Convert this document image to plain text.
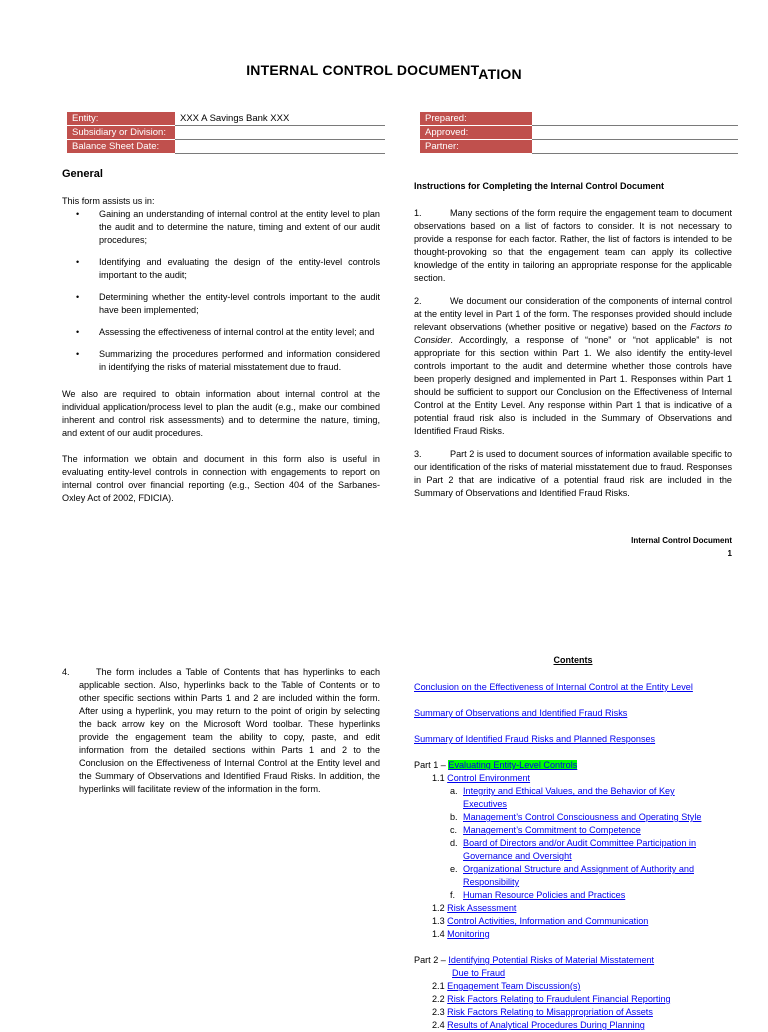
INTERNAL CONTROL DOCUMENTATION
Entity:	XXX A Savings Bank XXX
Subsidiary or Division:	
Balance Sheet Date:	
Prepared:	
Approved:	
Partner:	
General
This form assists us in:
• Gaining an understanding of internal control at the entity level to plan the audit and to determine the nature, timing and extent of our audit procedures;
• Identifying and evaluating the design of the entity-level controls important to the audit;
• Determining whether the entity-level controls important to the audit have been implemented;
• Assessing the effectiveness of internal control at the entity level; and
• Summarizing the procedures performed and information considered in identifying the risks of material misstatement due to fraud.

We also are required to obtain information about internal control at the individual application/process level to plan the audit (e.g., make our combined inherent and control risk assessments) and to determine the nature, timing, and extent of our audit procedures.

The information we obtain and document in this form also is useful in evaluating entity-level controls in connection with engagements to report on internal control over financial reporting (e.g., Section 404 of the Sarbanes-Oxley Act of 2002, FDICIA).

Instructions for Completing the Internal Control Document

1.	Many sections of the form require the engagement team to document observations based on a list of factors to consider. It is not necessary to provide a response for each factor. Rather, the list of factors is intended to be thought-provoking so that the engagement team can apply its collective knowledge of the entity in tailoring an appropriate response for the applicable section.

2.	We document our consideration of the components of internal control at the entity level in Part 1 of the form. The responses provided should include relevant observations (whether positive or negative) based on the Factors to Consider. Accordingly, a response of “none” or “not applicable” is not appropriate for this section within Part 1. We also identify the entity-level controls important to the audit and determine whether those controls have been properly designed and implemented in Part 1. Responses within Part 1 should be sufficient to support our Conclusion on the Effectiveness of Internal Control at the Entity Level. Any response within Part 1 that is indicative of a potential fraud risk also is included in the Summary of Observations and Identified Fraud Risks.

3.	Part 2 is used to document sources of information available specific to our identification of the risks of material misstatement due to fraud. Responses in Part 2 that are indicative of a potential fraud risk are included in the Summary of Observations and Identified Fraud Risks.

Internal Control Document
1
4.	The form includes a Table of Contents that has hyperlinks to each applicable section. Also, hyperlinks back to the Table of Contents or to other specific sections within Parts 1 and 2 are included within the form. After using a hyperlink, you may return to the point of origin by selecting the back arrow key on the Microsoft Word toolbar. These hyperlinks provide the engagement team the ability to copy, paste, and edit information from the detailed sections within Parts 1 and 2 to the Conclusion on the Effectiveness of Internal Control at the Entity level and the Summary of Observations and Identified Fraud Risks. In addition, the hyperlinks will facilitate review of the information in the form.
Contents
Conclusion on the Effectiveness of Internal Control at the Entity Level
Summary of Observations and Identified Fraud Risks
Summary of Identified Fraud Risks and Planned Responses
Part 1 – Evaluating Entity-Level Controls
1.1 Control Environment
a. Integrity and Ethical Values, and the Behavior of Key
Executives
b. Management’s Control Consciousness and Operating Style
c. Management’s Commitment to Competence
d. Board of Directors and/or Audit Committee Participation in
Governance and Oversight
e. Organizational Structure and Assignment of Authority and
Responsibility
f. Human Resource Policies and Practices
1.2 Risk Assessment
1.3 Control Activities, Information and Communication
1.4 Monitoring
Part 2 – Identifying Potential Risks of Material Misstatement
Due to Fraud
2.1 Engagement Team Discussion(s)
2.2 Risk Factors Relating to Fraudulent Financial Reporting
2.3 Risk Factors Relating to Misappropriation of Assets
2.4 Results of Analytical Procedures During Planning
